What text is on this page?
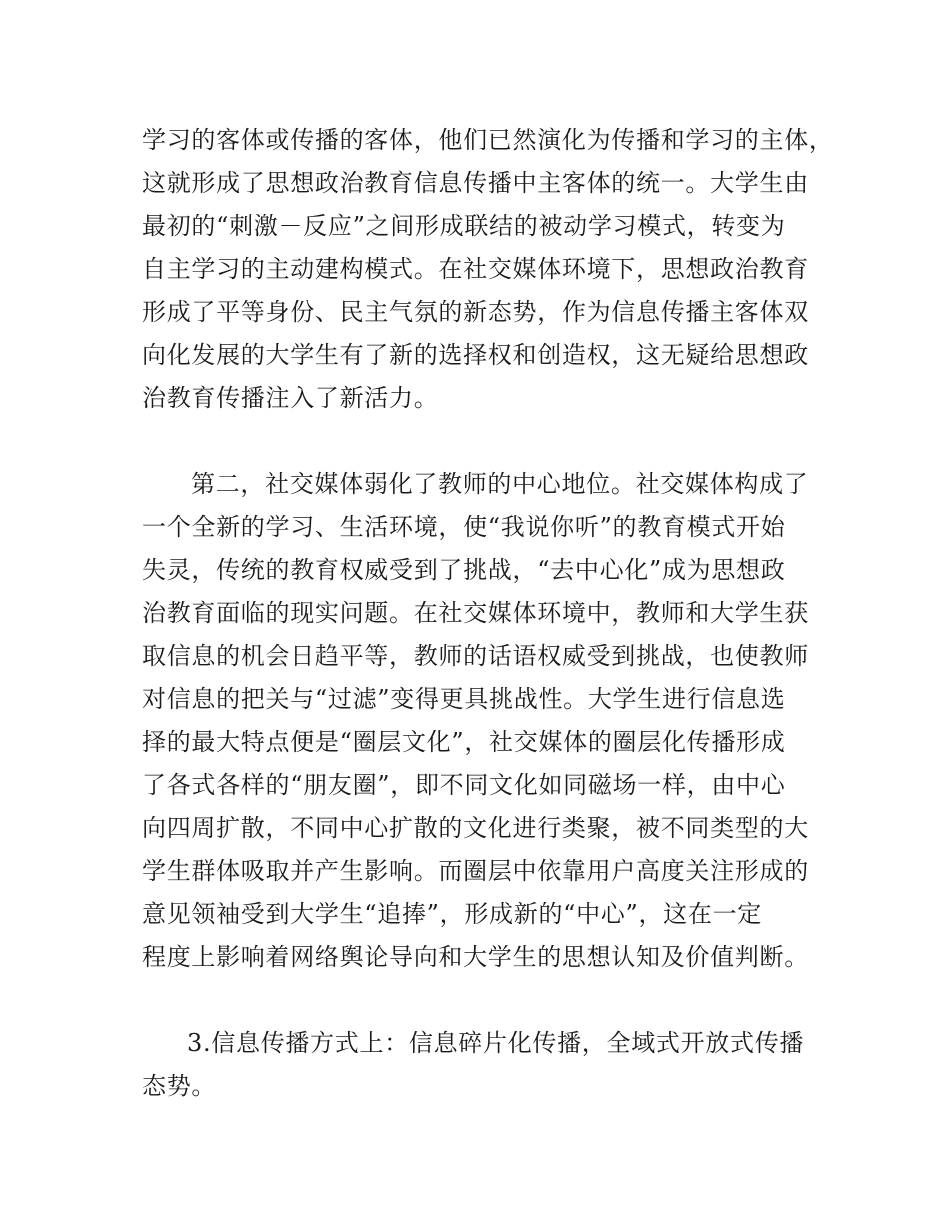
学习的客体或传播的客体，他们已然演化为传播和学习的主体，
这就形成了思想政治教育信息传播中主客体的统一。大学生由
最初的“刺激－反应”之间形成联结的被动学习模式，转变为
自主学习的主动建构模式。在社交媒体环境下，思想政治教育
形成了平等身份、民主气氛的新态势，作为信息传播主客体双
向化发展的大学生有了新的选择权和创造权，这无疑给思想政
治教育传播注入了新活力。
第二，社交媒体弱化了教师的中心地位。社交媒体构成了
一个全新的学习、生活环境，使“我说你听”的教育模式开始
失灵，传统的教育权威受到了挑战，“去中心化”成为思想政
治教育面临的现实问题。在社交媒体环境中，教师和大学生获
取信息的机会日趋平等，教师的话语权威受到挑战，也使教师
对信息的把关与“过滤”变得更具挑战性。大学生进行信息选
择的最大特点便是“圈层文化”，社交媒体的圈层化传播形成
了各式各样的“朋友圈”，即不同文化如同磁场一样，由中心
向四周扩散，不同中心扩散的文化进行类聚，被不同类型的大
学生群体吸取并产生影响。而圈层中依靠用户高度关注形成的
意见领袖受到大学生“追捧”，形成新的“中心”，这在一定
程度上影响着网络舆论导向和大学生的思想认知及价值判断。
3.信息传播方式上：信息碎片化传播，全域式开放式传播
态势。
